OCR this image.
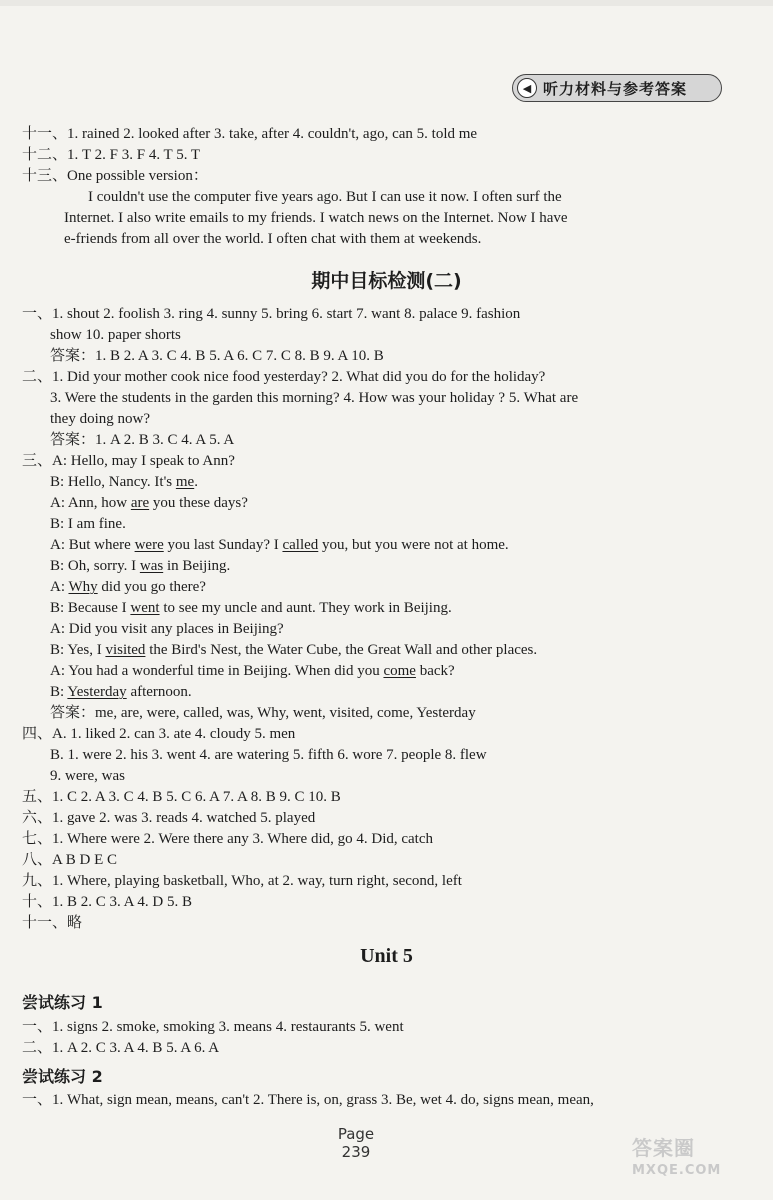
◀ 听力材料与参考答案
十一、1. rained 2. looked after 3. take, after 4. couldn't, ago, can 5. told me
十二、1. T 2. F 3. F 4. T 5. T
十三、One possible version：
I couldn't use the computer five years ago. But I can use it now. I often surf the
Internet. I also write emails to my friends. I watch news on the Internet. Now I have
e-friends from all over the world. I often chat with them at weekends.
期中目标检测(二)
一、1. shout 2. foolish 3. ring 4. sunny 5. bring 6. start 7. want 8. palace 9. fashion
show 10. paper shorts
答案：1. B 2. A 3. C 4. B 5. A 6. C 7. C 8. B 9. A 10. B
二、1. Did your mother cook nice food yesterday? 2. What did you do for the holiday?
3. Were the students in the garden this morning? 4. How was your holiday ? 5. What are
they doing now?
答案：1. A 2. B 3. C 4. A 5. A
三、A: Hello, may I speak to Ann?
B: Hello, Nancy. It's me.
A: Ann, how are you these days?
B: I am fine.
A: But where were you last Sunday? I called you, but you were not at home.
B: Oh, sorry. I was in Beijing.
A: Why did you go there?
B: Because I went to see my uncle and aunt. They work in Beijing.
A: Did you visit any places in Beijing?
B: Yes, I visited the Bird's Nest, the Water Cube, the Great Wall and other places.
A: You had a wonderful time in Beijing. When did you come back?
B: Yesterday afternoon.
答案：me, are, were, called, was, Why, went, visited, come, Yesterday
四、A. 1. liked 2. can 3. ate 4. cloudy 5. men
B. 1. were 2. his 3. went 4. are watering 5. fifth 6. wore 7. people 8. flew
9. were, was
五、1. C 2. A 3. C 4. B 5. C 6. A 7. A 8. B 9. C 10. B
六、1. gave 2. was 3. reads 4. watched 5. played
七、1. Where were 2. Were there any 3. Where did, go 4. Did, catch
八、A B D E C
九、1. Where, playing basketball, Who, at 2. way, turn right, second, left
十、1. B 2. C 3. A 4. D 5. B
十一、略
Unit 5
尝试练习 1
一、1. signs 2. smoke, smoking 3. means 4. restaurants 5. went
二、1. A 2. C 3. A 4. B 5. A 6. A
尝试练习 2
一、1. What, sign mean, means, can't 2. There is, on, grass 3. Be, wet 4. do, signs mean, mean,
Page
239	答案圈
MXQE.COM
